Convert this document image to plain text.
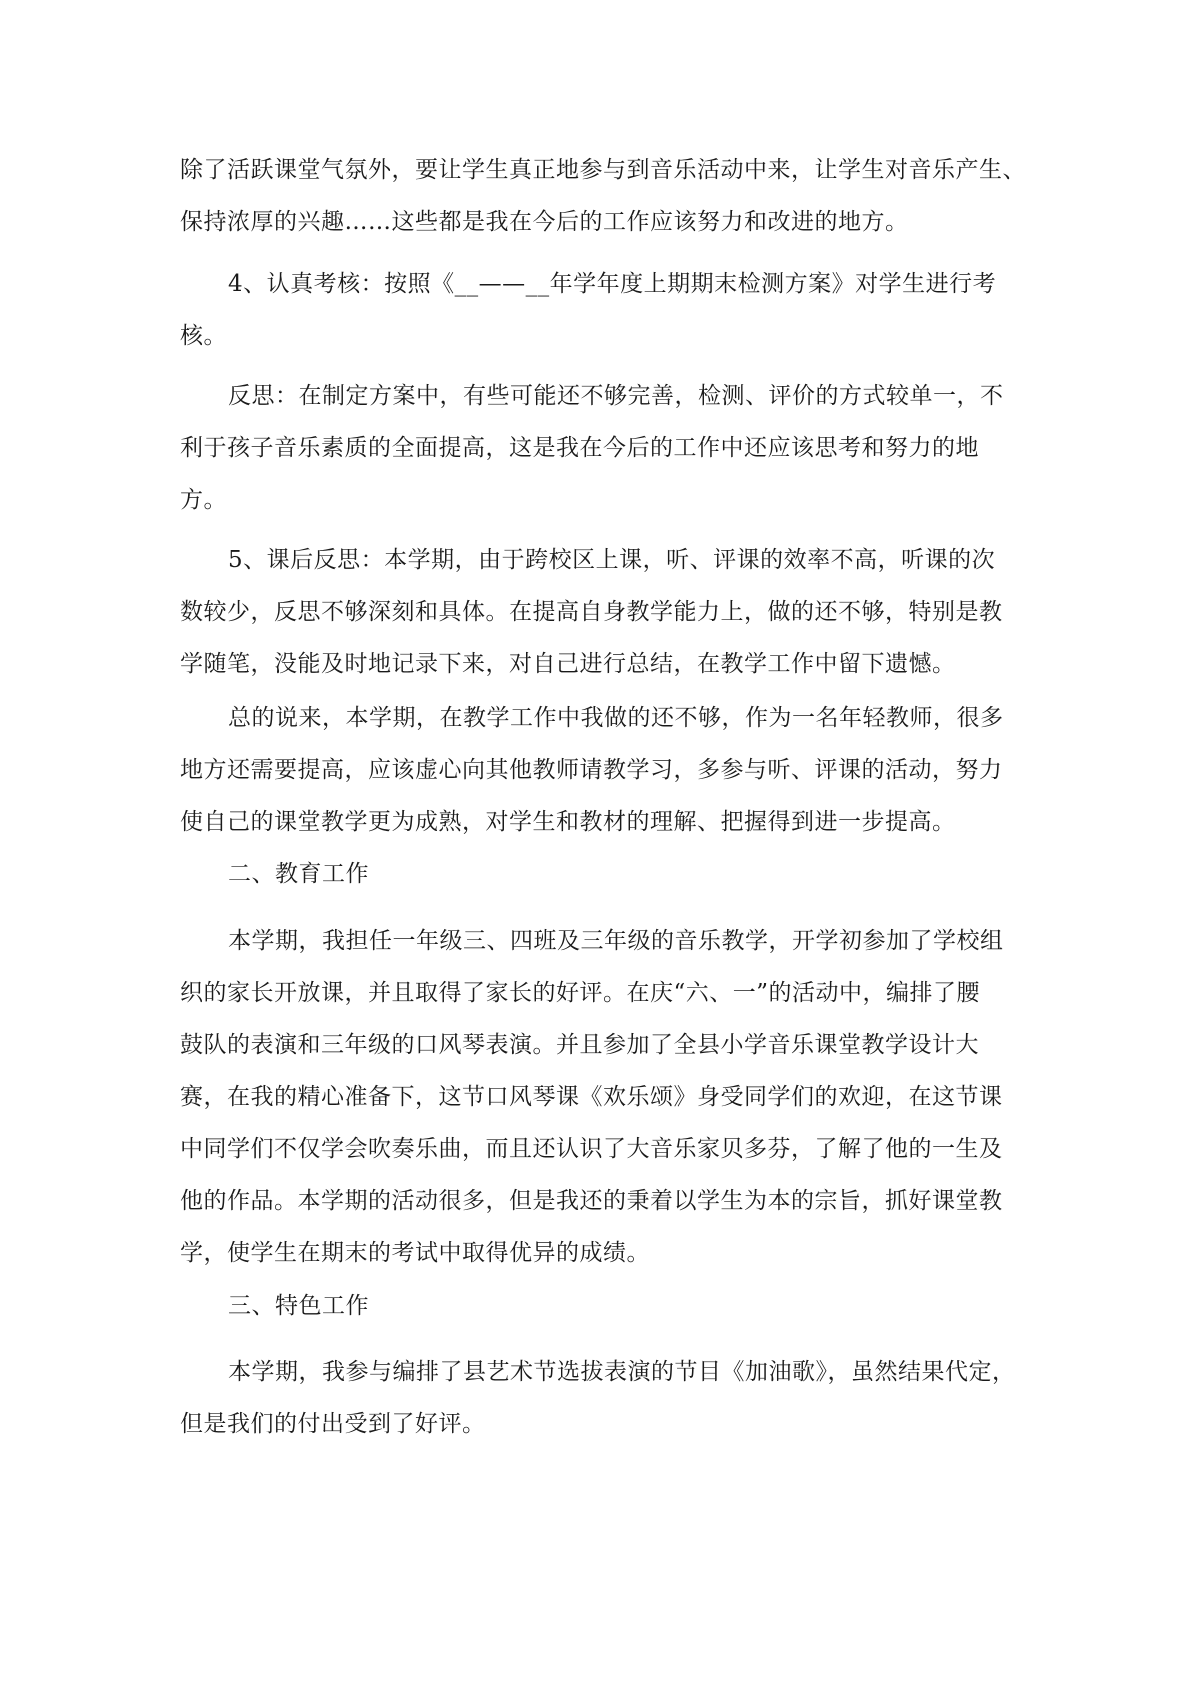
除了活跃课堂气氛外，要让学生真正地参与到音乐活动中来，让学生对音乐产生、
保持浓厚的兴趣……这些都是我在今后的工作应该努力和改进的地方。
4、认真考核：按照《__——__年学年度上期期末检测方案》对学生进行考
核。
反思：在制定方案中，有些可能还不够完善，检测、评价的方式较单一，不
利于孩子音乐素质的全面提高，这是我在今后的工作中还应该思考和努力的地
方。
5、课后反思：本学期，由于跨校区上课，听、评课的效率不高，听课的次
数较少，反思不够深刻和具体。在提高自身教学能力上，做的还不够，特别是教
学随笔，没能及时地记录下来，对自己进行总结，在教学工作中留下遗憾。
总的说来，本学期，在教学工作中我做的还不够，作为一名年轻教师，很多
地方还需要提高，应该虚心向其他教师请教学习，多参与听、评课的活动，努力
使自己的课堂教学更为成熟，对学生和教材的理解、把握得到进一步提高。
二、教育工作
本学期，我担任一年级三、四班及三年级的音乐教学，开学初参加了学校组
织的家长开放课，并且取得了家长的好评。在庆“六、一”的活动中，编排了腰
鼓队的表演和三年级的口风琴表演。并且参加了全县小学音乐课堂教学设计大
赛，在我的精心准备下，这节口风琴课《欢乐颂》身受同学们的欢迎，在这节课
中同学们不仅学会吹奏乐曲，而且还认识了大音乐家贝多芬，了解了他的一生及
他的作品。本学期的活动很多，但是我还的秉着以学生为本的宗旨，抓好课堂教
学，使学生在期末的考试中取得优异的成绩。
三、特色工作
本学期，我参与编排了县艺术节选拔表演的节目《加油歌》，虽然结果代定，
但是我们的付出受到了好评。
